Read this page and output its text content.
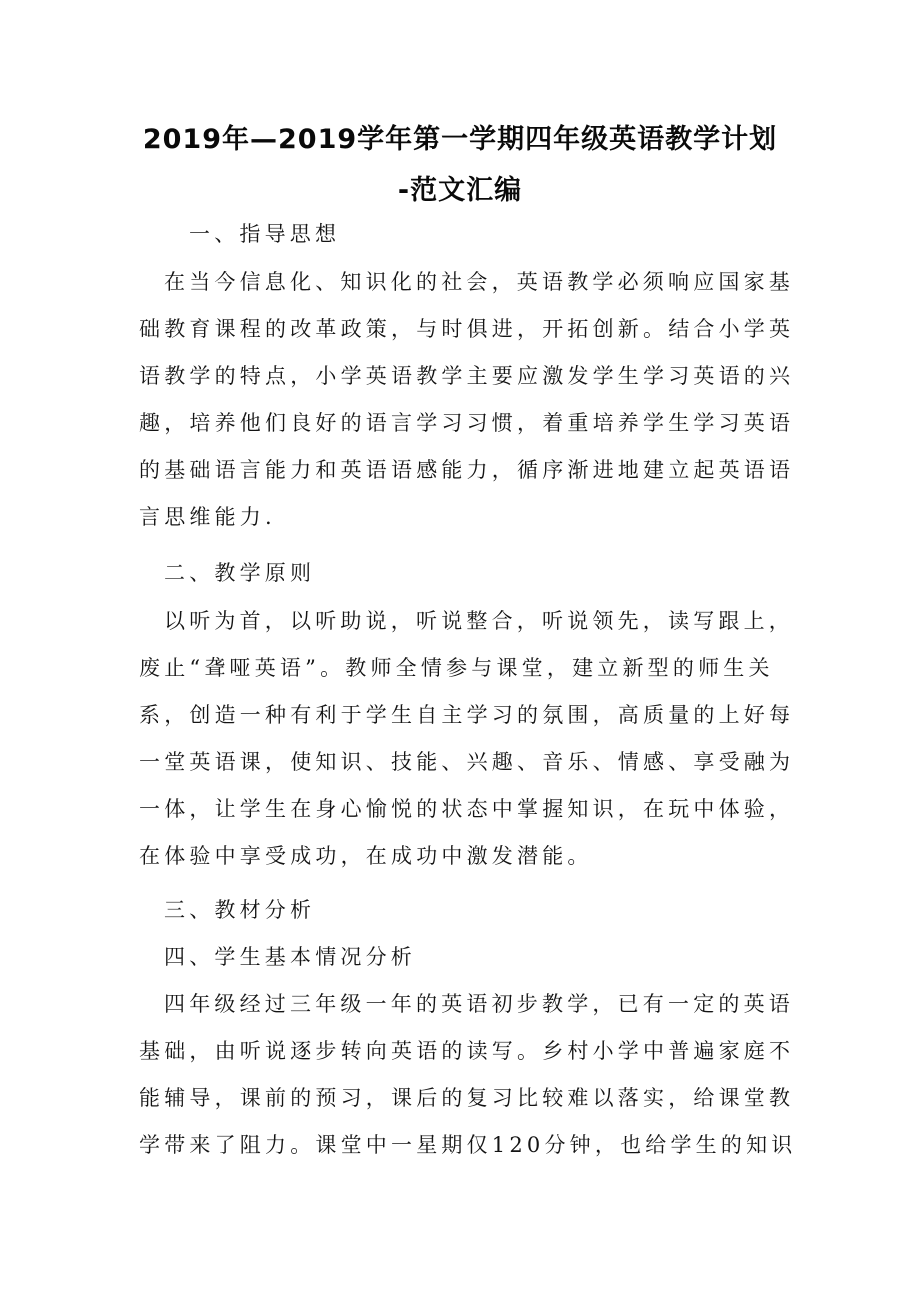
2019年—2019学年第一学期四年级英语教学计划
-范文汇编
一、指导思想
在当今信息化、知识化的社会，英语教学必须响应国家基
础教育课程的改革政策，与时俱进，开拓创新。结合小学英
语教学的特点，小学英语教学主要应激发学生学习英语的兴
趣，培养他们良好的语言学习习惯，着重培养学生学习英语
的基础语言能力和英语语感能力，循序渐进地建立起英语语
言思维能力.
二、教学原则
以听为首，以听助说，听说整合，听说领先，读写跟上，
废止“聋哑英语”。教师全情参与课堂，建立新型的师生关
系，创造一种有利于学生自主学习的氛围，高质量的上好每
一堂英语课，使知识、技能、兴趣、音乐、情感、享受融为
一体，让学生在身心愉悦的状态中掌握知识，在玩中体验，
在体验中享受成功，在成功中激发潜能。
三、教材分析
四、学生基本情况分析
四年级经过三年级一年的英语初步教学，已有一定的英语
基础，由听说逐步转向英语的读写。乡村小学中普遍家庭不
能辅导，课前的预习，课后的复习比较难以落实，给课堂教
学带来了阻力。课堂中一星期仅120分钟，也给学生的知识
